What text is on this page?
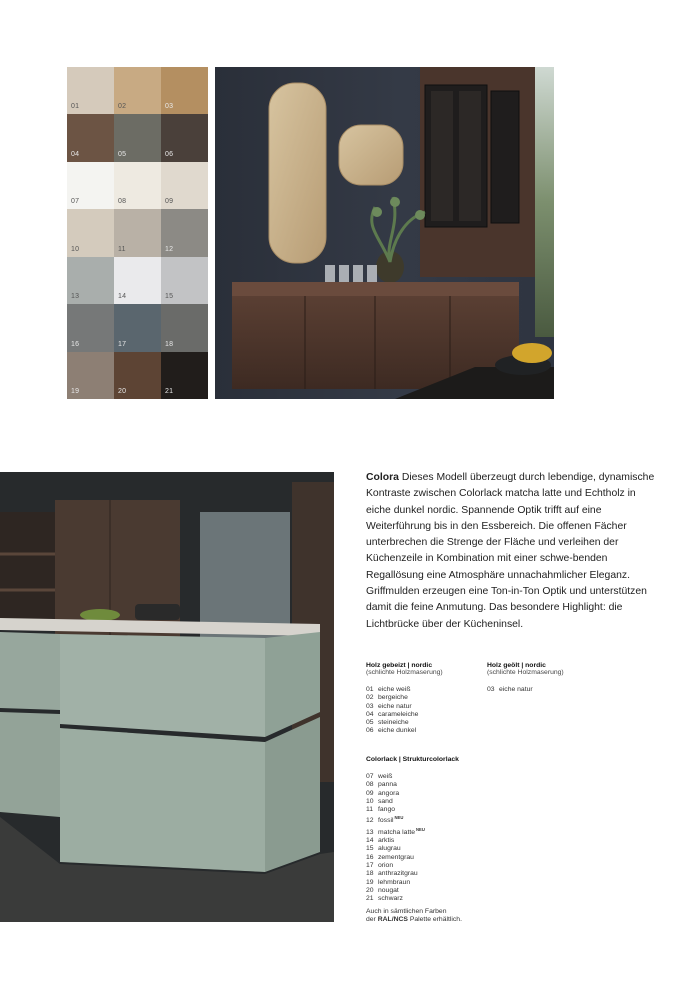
01	02	03
04	05	06
07	08	09
10	11	12
13	14	15
16	17	18
19	20	21
Colora Dieses Modell überzeugt durch lebendige, dynamische Kontraste zwischen Colorlack matcha latte und Echtholz in eiche dunkel nordic. Spannende Optik trifft auf eine Weiterführung bis in den Essbereich. Die offenen Fächer unterbrechen die Strenge der Fläche und verleihen der Küchenzeile in Kombination mit einer schwe-benden Regallösung eine Atmosphäre unnachahmlicher Eleganz. Griffmulden erzeugen eine Ton-in-Ton Optik und unterstützen damit die feine Anmutung. Das besondere Highlight: die Lichtbrücke über der Kücheninsel.
Holz gebeizt | nordic
(schlichte Holzmaserung)
01 eiche weiß
02 bergeiche
03 eiche natur
04 carameleiche
05 steineiche
06 eiche dunkel
Holz geölt | nordic
(schlichte Holzmaserung)
03 eiche natur
Colorlack | Strukturcolorlack
07 weiß
08 panna
09 angora
10 sand
11 fango
12 fossil$^{NEU}$
13 matcha latte$^{NEU}$
14 arktis
15 alugrau
16 zementgrau
17 orion
18 anthrazitgrau
19 lehmbraun
20 nougat
21 schwarz
Auch in sämtlichen Farben
der RAL/NCS Palette erhältlich.
